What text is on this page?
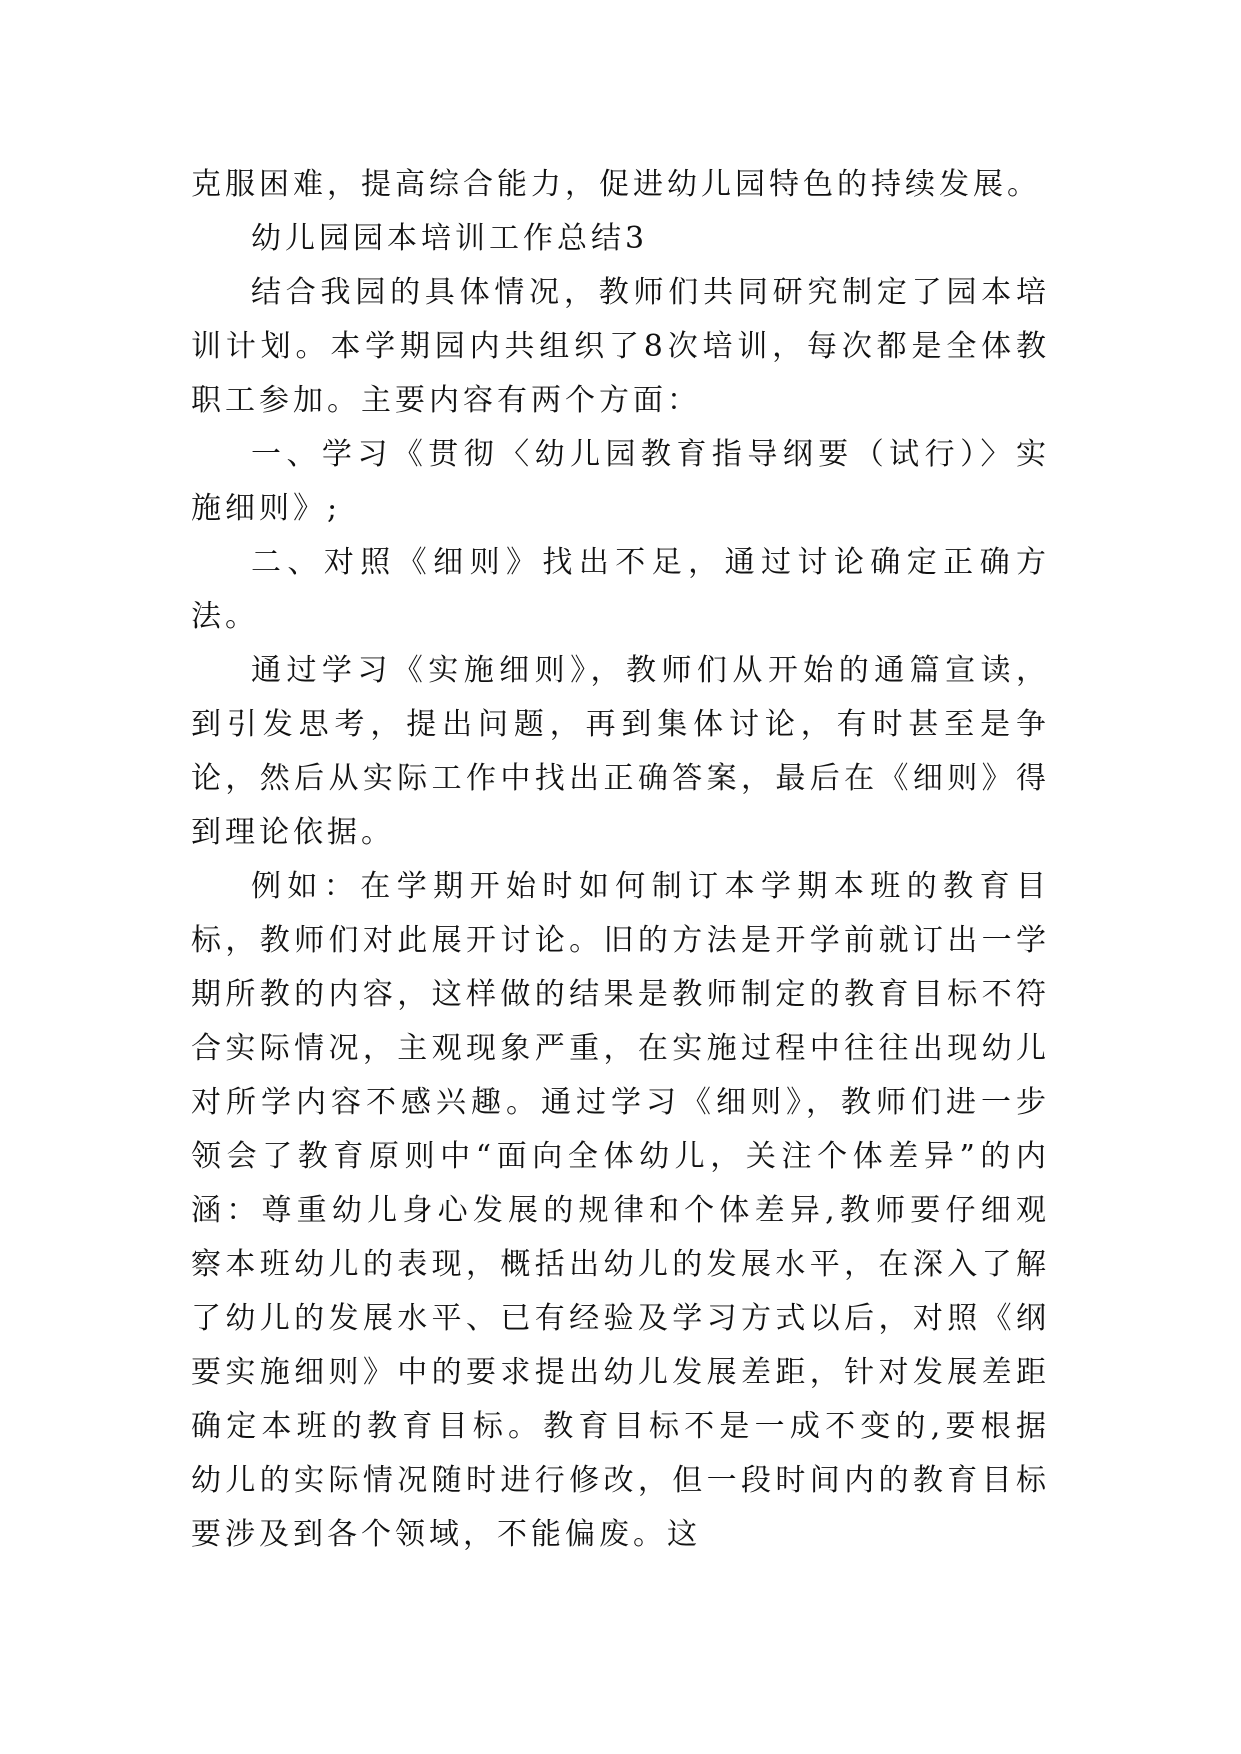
克服困难，提高综合能力，促进幼儿园特色的持续发展。

幼儿园园本培训工作总结3

结合我园的具体情况，教师们共同研究制定了园本培训计划。本学期园内共组织了8次培训，每次都是全体教职工参加。主要内容有两个方面：

一、学习《贯彻〈幼儿园教育指导纲要（试行）〉实施细则》;

二、对照《细则》找出不足，通过讨论确定正确方法。

通过学习《实施细则》，教师们从开始的通篇宣读，到引发思考，提出问题，再到集体讨论，有时甚至是争论，然后从实际工作中找出正确答案，最后在《细则》得到理论依据。

例如：在学期开始时如何制订本学期本班的教育目标，教师们对此展开讨论。旧的方法是开学前就订出一学期所教的内容，这样做的结果是教师制定的教育目标不符合实际情况，主观现象严重，在实施过程中往往出现幼儿对所学内容不感兴趣。通过学习《细则》，教师们进一步领会了教育原则中“面向全体幼儿，关注个体差异”的内涵：尊重幼儿身心发展的规律和个体差异,教师要仔细观察本班幼儿的表现，概括出幼儿的发展水平，在深入了解了幼儿的发展水平、已有经验及学习方式以后，对照《纲要实施细则》中的要求提出幼儿发展差距，针对发展差距确定本班的教育目标。教育目标不是一成不变的,要根据幼儿的实际情况随时进行修改，但一段时间内的教育目标要涉及到各个领域，不能偏废。这
